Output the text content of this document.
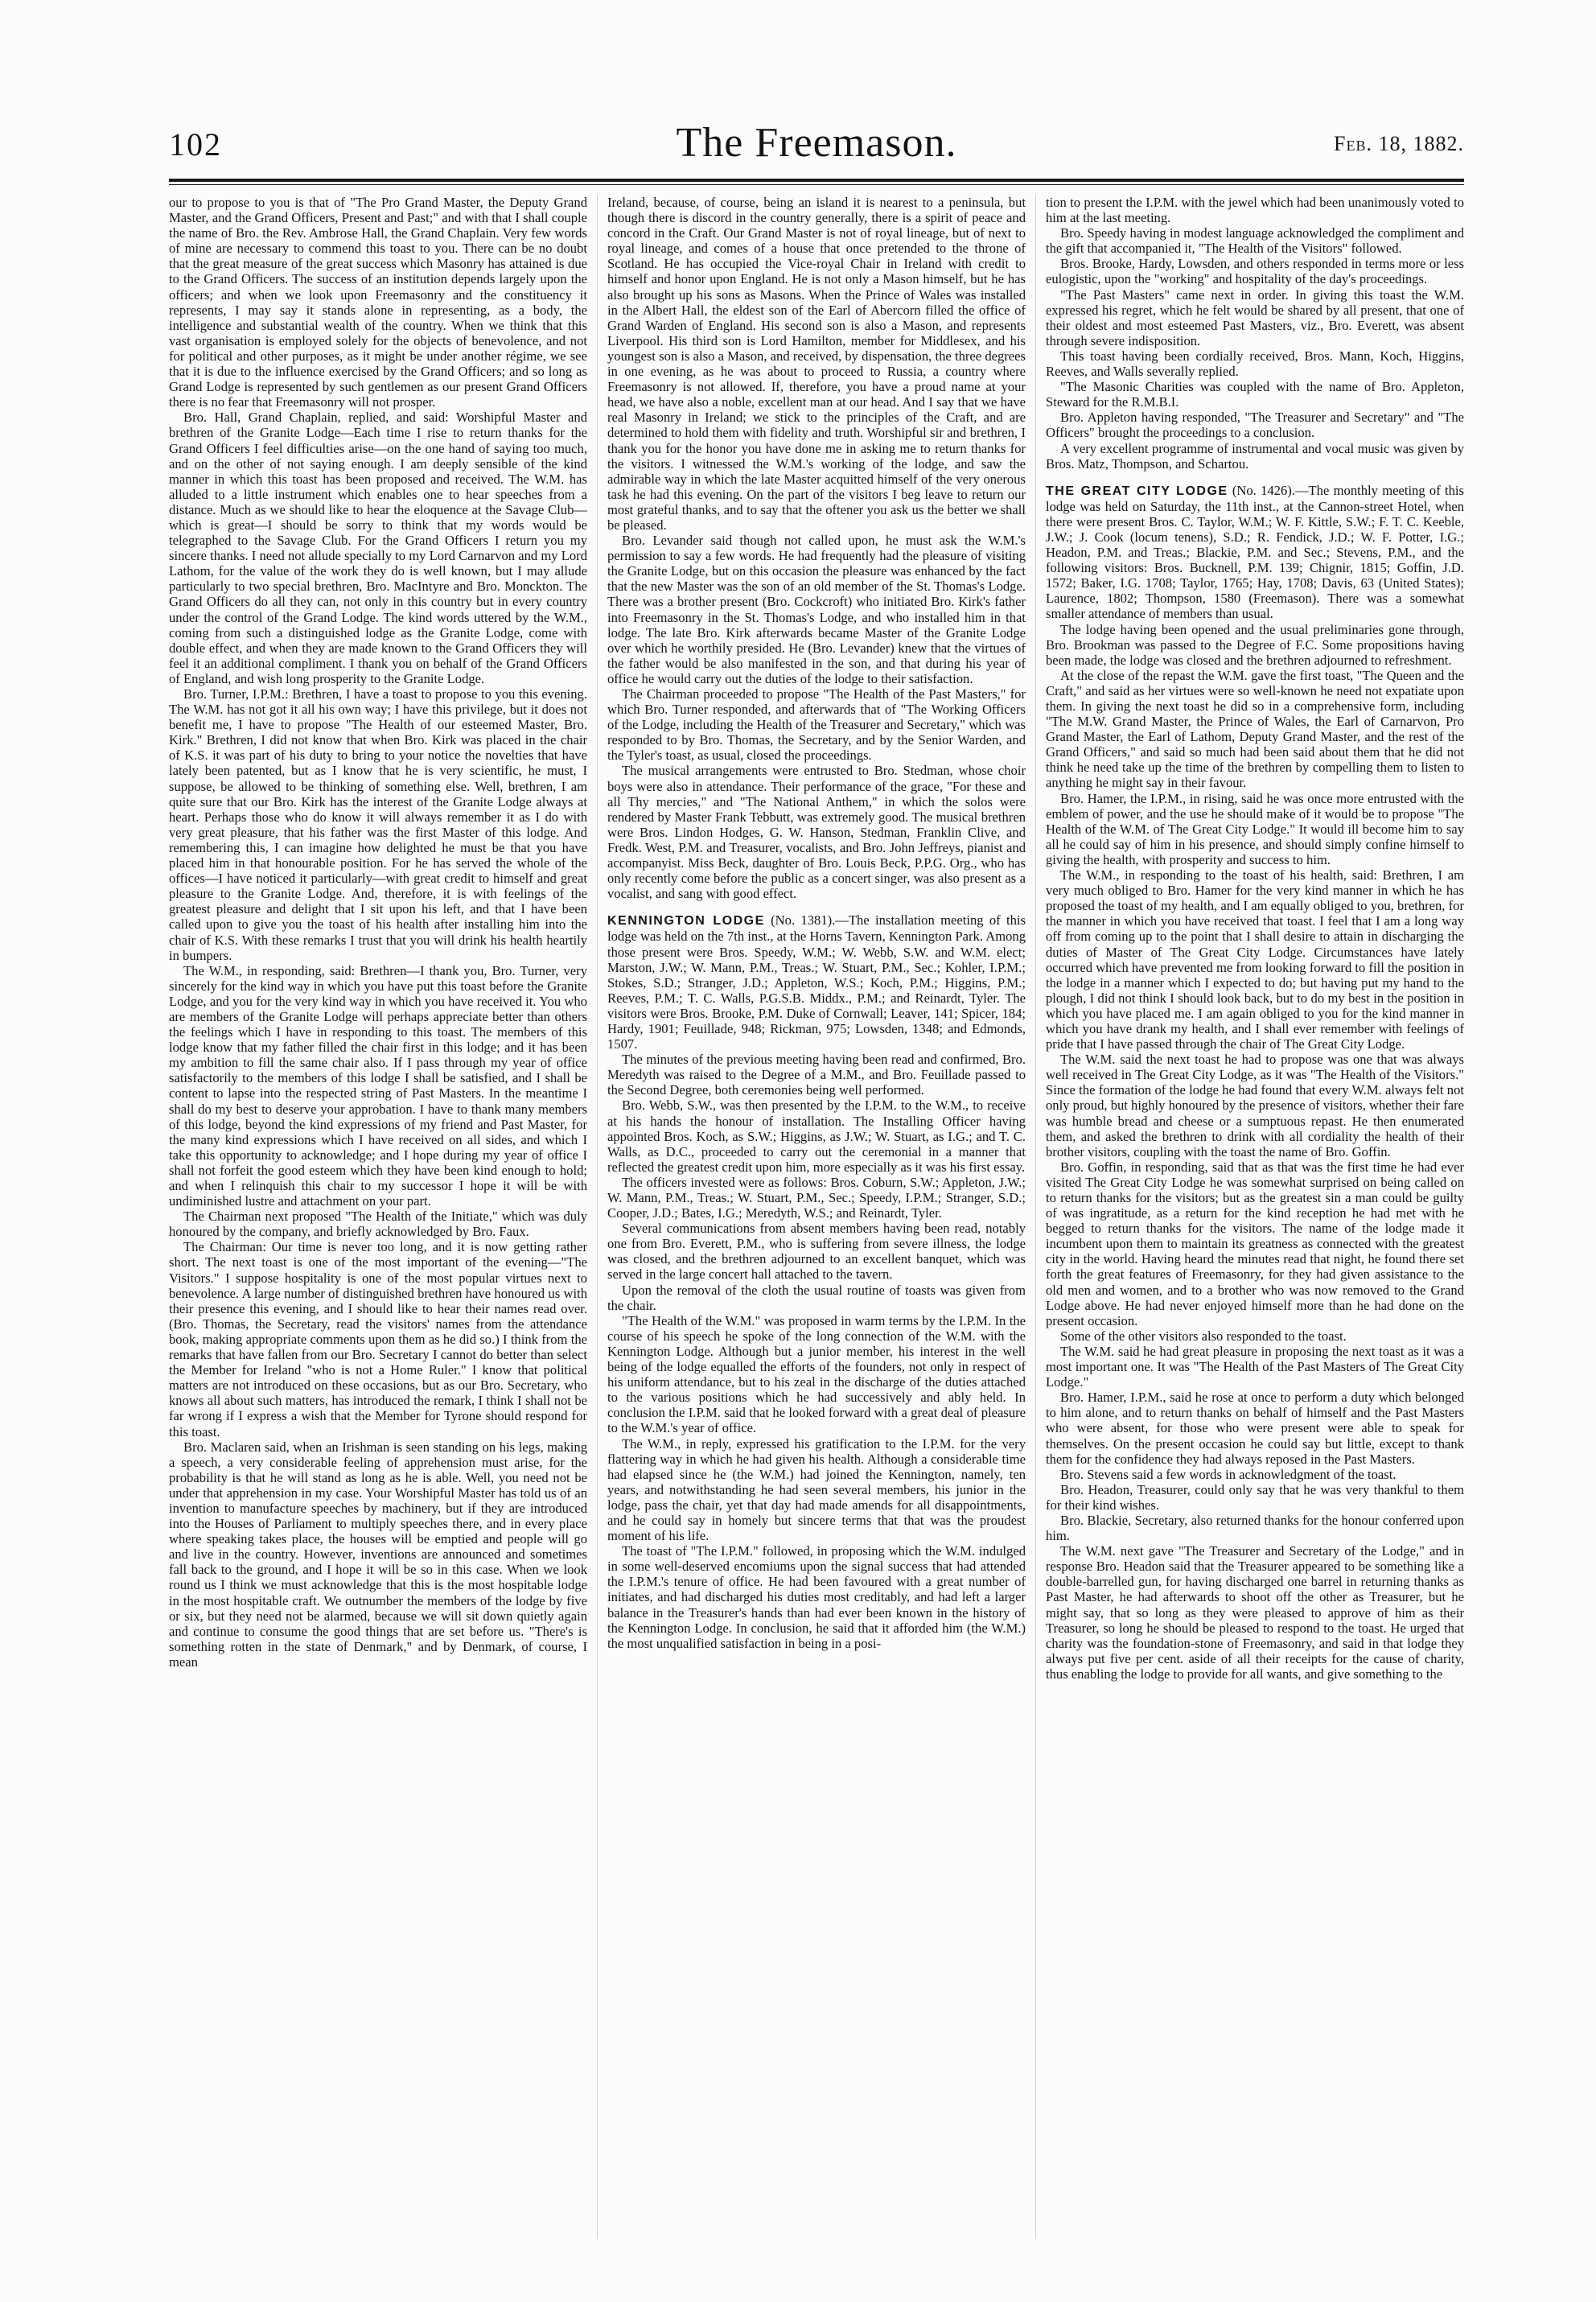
102	The Freemason.	Feb. 18, 1882.

our to propose to you is that of "The Pro Grand Master, the Deputy Grand Master, and the Grand Officers, Present and Past;" and with that I shall couple the name of Bro. the Rev. Ambrose Hall, the Grand Chaplain. Very few words of mine are necessary to commend this toast to you. There can be no doubt that the great measure of the great success which Masonry has attained is due to the Grand Officers. The success of an institution depends largely upon the officers; and when we look upon Freemasonry and the constituency it represents, I may say it stands alone in representing, as a body, the intelligence and substantial wealth of the country. When we think that this vast organisation is employed solely for the objects of benevolence, and not for political and other purposes, as it might be under another régime, we see that it is due to the influence exercised by the Grand Officers; and so long as Grand Lodge is represented by such gentlemen as our present Grand Officers there is no fear that Freemasonry will not prosper.

Bro. Hall, Grand Chaplain, replied, and said: Worshipful Master and brethren of the Granite Lodge—Each time I rise to return thanks for the Grand Officers I feel difficulties arise—on the one hand of saying too much, and on the other of not saying enough. I am deeply sensible of the kind manner in which this toast has been proposed and received. The W.M. has alluded to a little instrument which enables one to hear speeches from a distance. Much as we should like to hear the eloquence at the Savage Club—which is great—I should be sorry to think that my words would be telegraphed to the Savage Club. For the Grand Officers I return you my sincere thanks. I need not allude specially to my Lord Carnarvon and my Lord Lathom, for the value of the work they do is well known, but I may allude particularly to two special brethren, Bro. MacIntyre and Bro. Monckton. The Grand Officers do all they can, not only in this country but in every country under the control of the Grand Lodge. The kind words uttered by the W.M., coming from such a distinguished lodge as the Granite Lodge, come with double effect, and when they are made known to the Grand Officers they will feel it an additional compliment. I thank you on behalf of the Grand Officers of England, and wish long prosperity to the Granite Lodge.

Bro. Turner, I.P.M.: Brethren, I have a toast to propose to you this evening. The W.M. has not got it all his own way; I have this privilege, but it does not benefit me, I have to propose "The Health of our esteemed Master, Bro. Kirk." Brethren, I did not know that when Bro. Kirk was placed in the chair of K.S. it was part of his duty to bring to your notice the novelties that have lately been patented, but as I know that he is very scientific, he must, I suppose, be allowed to be thinking of something else. Well, brethren, I am quite sure that our Bro. Kirk has the interest of the Granite Lodge always at heart. Perhaps those who do know it will always remember it as I do with very great pleasure, that his father was the first Master of this lodge. And remembering this, I can imagine how delighted he must be that you have placed him in that honourable position. For he has served the whole of the offices—I have noticed it particularly—with great credit to himself and great pleasure to the Granite Lodge. And, therefore, it is with feelings of the greatest pleasure and delight that I sit upon his left, and that I have been called upon to give you the toast of his health after installing him into the chair of K.S. With these remarks I trust that you will drink his health heartily in bumpers.

The W.M., in responding, said: Brethren—I thank you, Bro. Turner, very sincerely for the kind way in which you have put this toast before the Granite Lodge, and you for the very kind way in which you have received it. You who are members of the Granite Lodge will perhaps appreciate better than others the feelings which I have in responding to this toast. The members of this lodge know that my father filled the chair first in this lodge; and it has been my ambition to fill the same chair also. If I pass through my year of office satisfactorily to the members of this lodge I shall be satisfied, and I shall be content to lapse into the respected string of Past Masters. In the meantime I shall do my best to deserve your approbation. I have to thank many members of this lodge, beyond the kind expressions of my friend and Past Master, for the many kind expressions which I have received on all sides, and which I take this opportunity to acknowledge; and I hope during my year of office I shall not forfeit the good esteem which they have been kind enough to hold; and when I relinquish this chair to my successor I hope it will be with undiminished lustre and attachment on your part.

The Chairman next proposed "The Health of the Initiate," which was duly honoured by the company, and briefly acknowledged by Bro. Faux.

The Chairman: Our time is never too long, and it is now getting rather short. The next toast is one of the most important of the evening—"The Visitors." I suppose hospitality is one of the most popular virtues next to benevolence. A large number of distinguished brethren have honoured us with their presence this evening, and I should like to hear their names read over. (Bro. Thomas, the Secretary, read the visitors' names from the attendance book, making appropriate comments upon them as he did so.) I think from the remarks that have fallen from our Bro. Secretary I cannot do better than select the Member for Ireland "who is not a Home Ruler." I know that political matters are not introduced on these occasions, but as our Bro. Secretary, who knows all about such matters, has introduced the remark, I think I shall not be far wrong if I express a wish that the Member for Tyrone should respond for this toast.

Bro. Maclaren said, when an Irishman is seen standing on his legs, making a speech, a very considerable feeling of apprehension must arise, for the probability is that he will stand as long as he is able. Well, you need not be under that apprehension in my case. Your Worshipful Master has told us of an invention to manufacture speeches by machinery, but if they are introduced into the Houses of Parliament to multiply speeches there, and in every place where speaking takes place, the houses will be emptied and people will go and live in the country. However, inventions are announced and sometimes fall back to the ground, and I hope it will be so in this case. When we look round us I think we must acknowledge that this is the most hospitable lodge in the most hospitable craft. We outnumber the members of the lodge by five or six, but they need not be alarmed, because we will sit down quietly again and continue to consume the good things that are set before us. "There's is something rotten in the state of Denmark," and by Denmark, of course, I mean

Ireland, because, of course, being an island it is nearest to a peninsula, but though there is discord in the country generally, there is a spirit of peace and concord in the Craft. Our Grand Master is not of royal lineage, but of next to royal lineage, and comes of a house that once pretended to the throne of Scotland. He has occupied the Vice-royal Chair in Ireland with credit to himself and honor upon England. He is not only a Mason himself, but he has also brought up his sons as Masons. When the Prince of Wales was installed in the Albert Hall, the eldest son of the Earl of Abercorn filled the office of Grand Warden of England. His second son is also a Mason, and represents Liverpool. His third son is Lord Hamilton, member for Middlesex, and his youngest son is also a Mason, and received, by dispensation, the three degrees in one evening, as he was about to proceed to Russia, a country where Freemasonry is not allowed. If, therefore, you have a proud name at your head, we have also a noble, excellent man at our head. And I say that we have real Masonry in Ireland; we stick to the principles of the Craft, and are determined to hold them with fidelity and truth. Worshipful sir and brethren, I thank you for the honor you have done me in asking me to return thanks for the visitors. I witnessed the W.M.'s working of the lodge, and saw the admirable way in which the late Master acquitted himself of the very onerous task he had this evening. On the part of the visitors I beg leave to return our most grateful thanks, and to say that the oftener you ask us the better we shall be pleased.

Bro. Levander said though not called upon, he must ask the W.M.'s permission to say a few words. He had frequently had the pleasure of visiting the Granite Lodge, but on this occasion the pleasure was enhanced by the fact that the new Master was the son of an old member of the St. Thomas's Lodge. There was a brother present (Bro. Cockcroft) who initiated Bro. Kirk's father into Freemasonry in the St. Thomas's Lodge, and who installed him in that lodge. The late Bro. Kirk afterwards became Master of the Granite Lodge over which he worthily presided. He (Bro. Levander) knew that the virtues of the father would be also manifested in the son, and that during his year of office he would carry out the duties of the lodge to their satisfaction.

The Chairman proceeded to propose "The Health of the Past Masters," for which Bro. Turner responded, and afterwards that of "The Working Officers of the Lodge, including the Health of the Treasurer and Secretary," which was responded to by Bro. Thomas, the Secretary, and by the Senior Warden, and the Tyler's toast, as usual, closed the proceedings.

The musical arrangements were entrusted to Bro. Stedman, whose choir boys were also in attendance. Their performance of the grace, "For these and all Thy mercies," and "The National Anthem," in which the solos were rendered by Master Frank Tebbutt, was extremely good. The musical brethren were Bros. Lindon Hodges, G. W. Hanson, Stedman, Franklin Clive, and Fredk. West, P.M. and Treasurer, vocalists, and Bro. John Jeffreys, pianist and accompanyist. Miss Beck, daughter of Bro. Louis Beck, P.P.G. Org., who has only recently come before the public as a concert singer, was also present as a vocalist, and sang with good effect.

KENNINGTON LODGE (No. 1381).—The installation meeting of this lodge was held on the 7th inst., at the Horns Tavern, Kennington Park. Among those present were Bros. Speedy, W.M.; W. Webb, S.W. and W.M. elect; Marston, J.W.; W. Mann, P.M., Treas.; W. Stuart, P.M., Sec.; Kohler, I.P.M.; Stokes, S.D.; Stranger, J.D.; Appleton, W.S.; Koch, P.M.; Higgins, P.M.; Reeves, P.M.; T. C. Walls, P.G.S.B. Middx., P.M.; and Reinardt, Tyler. The visitors were Bros. Brooke, P.M. Duke of Cornwall; Leaver, 141; Spicer, 184; Hardy, 1901; Feuillade, 948; Rickman, 975; Lowsden, 1348; and Edmonds, 1507.

The minutes of the previous meeting having been read and confirmed, Bro. Meredyth was raised to the Degree of a M.M., and Bro. Feuillade passed to the Second Degree, both ceremonies being well performed.

Bro. Webb, S.W., was then presented by the I.P.M. to the W.M., to receive at his hands the honour of installation. The Installing Officer having appointed Bros. Koch, as S.W.; Higgins, as J.W.; W. Stuart, as I.G.; and T. C. Walls, as D.C., proceeded to carry out the ceremonial in a manner that reflected the greatest credit upon him, more especially as it was his first essay.

The officers invested were as follows: Bros. Coburn, S.W.; Appleton, J.W.; W. Mann, P.M., Treas.; W. Stuart, P.M., Sec.; Speedy, I.P.M.; Stranger, S.D.; Cooper, J.D.; Bates, I.G.; Meredyth, W.S.; and Reinardt, Tyler.

Several communications from absent members having been read, notably one from Bro. Everett, P.M., who is suffering from severe illness, the lodge was closed, and the brethren adjourned to an excellent banquet, which was served in the large concert hall attached to the tavern.

Upon the removal of the cloth the usual routine of toasts was given from the chair.

"The Health of the W.M." was proposed in warm terms by the I.P.M. In the course of his speech he spoke of the long connection of the W.M. with the Kennington Lodge. Although but a junior member, his interest in the well being of the lodge equalled the efforts of the founders, not only in respect of his uniform attendance, but to his zeal in the discharge of the duties attached to the various positions which he had successively and ably held. In conclusion the I.P.M. said that he looked forward with a great deal of pleasure to the W.M.'s year of office.

The W.M., in reply, expressed his gratification to the I.P.M. for the very flattering way in which he had given his health. Although a considerable time had elapsed since he (the W.M.) had joined the Kennington, namely, ten years, and notwithstanding he had seen several members, his junior in the lodge, pass the chair, yet that day had made amends for all disappointments, and he could say in homely but sincere terms that that was the proudest moment of his life.

The toast of "The I.P.M." followed, in proposing which the W.M. indulged in some well-deserved encomiums upon the signal success that had attended the I.P.M.'s tenure of office. He had been favoured with a great number of initiates, and had discharged his duties most creditably, and had left a larger balance in the Treasurer's hands than had ever been known in the history of the Kennington Lodge. In conclusion, he said that it afforded him (the W.M.) the most unqualified satisfaction in being in a posi-

tion to present the I.P.M. with the jewel which had been unanimously voted to him at the last meeting.

Bro. Speedy having in modest language acknowledged the compliment and the gift that accompanied it, "The Health of the Visitors" followed.

Bros. Brooke, Hardy, Lowsden, and others responded in terms more or less eulogistic, upon the "working" and hospitality of the day's proceedings.

"The Past Masters" came next in order. In giving this toast the W.M. expressed his regret, which he felt would be shared by all present, that one of their oldest and most esteemed Past Masters, viz., Bro. Everett, was absent through severe indisposition.

This toast having been cordially received, Bros. Mann, Koch, Higgins, Reeves, and Walls severally replied.

"The Masonic Charities was coupled with the name of Bro. Appleton, Steward for the R.M.B.I.

Bro. Appleton having responded, "The Treasurer and Secretary" and "The Officers" brought the proceedings to a conclusion.

A very excellent programme of instrumental and vocal music was given by Bros. Matz, Thompson, and Schartou.

THE GREAT CITY LODGE (No. 1426).—The monthly meeting of this lodge was held on Saturday, the 11th inst., at the Cannon-street Hotel, when there were present Bros. C. Taylor, W.M.; W. F. Kittle, S.W.; F. T. C. Keeble, J.W.; J. Cook (locum tenens), S.D.; R. Fendick, J.D.; W. F. Potter, I.G.; Headon, P.M. and Treas.; Blackie, P.M. and Sec.; Stevens, P.M., and the following visitors: Bros. Bucknell, P.M. 139; Chignir, 1815; Goffin, J.D. 1572; Baker, I.G. 1708; Taylor, 1765; Hay, 1708; Davis, 63 (United States); Laurence, 1802; Thompson, 1580 (Freemason). There was a somewhat smaller attendance of members than usual.

The lodge having been opened and the usual preliminaries gone through, Bro. Brookman was passed to the Degree of F.C. Some propositions having been made, the lodge was closed and the brethren adjourned to refreshment.

At the close of the repast the W.M. gave the first toast, "The Queen and the Craft," and said as her virtues were so well-known he need not expatiate upon them. In giving the next toast he did so in a comprehensive form, including "The M.W. Grand Master, the Prince of Wales, the Earl of Carnarvon, Pro Grand Master, the Earl of Lathom, Deputy Grand Master, and the rest of the Grand Officers," and said so much had been said about them that he did not think he need take up the time of the brethren by compelling them to listen to anything he might say in their favour.

Bro. Hamer, the I.P.M., in rising, said he was once more entrusted with the emblem of power, and the use he should make of it would be to propose "The Health of the W.M. of The Great City Lodge." It would ill become him to say all he could say of him in his presence, and should simply confine himself to giving the health, with prosperity and success to him.

The W.M., in responding to the toast of his health, said: Brethren, I am very much obliged to Bro. Hamer for the very kind manner in which he has proposed the toast of my health, and I am equally obliged to you, brethren, for the manner in which you have received that toast. I feel that I am a long way off from coming up to the point that I shall desire to attain in discharging the duties of Master of The Great City Lodge. Circumstances have lately occurred which have prevented me from looking forward to fill the position in the lodge in a manner which I expected to do; but having put my hand to the plough, I did not think I should look back, but to do my best in the position in which you have placed me. I am again obliged to you for the kind manner in which you have drank my health, and I shall ever remember with feelings of pride that I have passed through the chair of The Great City Lodge.

The W.M. said the next toast he had to propose was one that was always well received in The Great City Lodge, as it was "The Health of the Visitors." Since the formation of the lodge he had found that every W.M. always felt not only proud, but highly honoured by the presence of visitors, whether their fare was humble bread and cheese or a sumptuous repast. He then enumerated them, and asked the brethren to drink with all cordiality the health of their brother visitors, coupling with the toast the name of Bro. Goffin.

Bro. Goffin, in responding, said that as that was the first time he had ever visited The Great City Lodge he was somewhat surprised on being called on to return thanks for the visitors; but as the greatest sin a man could be guilty of was ingratitude, as a return for the kind reception he had met with he begged to return thanks for the visitors. The name of the lodge made it incumbent upon them to maintain its greatness as connected with the greatest city in the world. Having heard the minutes read that night, he found there set forth the great features of Freemasonry, for they had given assistance to the old men and women, and to a brother who was now removed to the Grand Lodge above. He had never enjoyed himself more than he had done on the present occasion.

Some of the other visitors also responded to the toast.

The W.M. said he had great pleasure in proposing the next toast as it was a most important one. It was "The Health of the Past Masters of The Great City Lodge."

Bro. Hamer, I.P.M., said he rose at once to perform a duty which belonged to him alone, and to return thanks on behalf of himself and the Past Masters who were absent, for those who were present were able to speak for themselves. On the present occasion he could say but little, except to thank them for the confidence they had always reposed in the Past Masters.

Bro. Stevens said a few words in acknowledgment of the toast.

Bro. Headon, Treasurer, could only say that he was very thankful to them for their kind wishes.

Bro. Blackie, Secretary, also returned thanks for the honour conferred upon him.

The W.M. next gave "The Treasurer and Secretary of the Lodge," and in response Bro. Headon said that the Treasurer appeared to be something like a double-barrelled gun, for having discharged one barrel in returning thanks as Past Master, he had afterwards to shoot off the other as Treasurer, but he might say, that so long as they were pleased to approve of him as their Treasurer, so long he should be pleased to respond to the toast. He urged that charity was the foundation-stone of Freemasonry, and said in that lodge they always put five per cent. aside of all their receipts for the cause of charity, thus enabling the lodge to provide for all wants, and give something to the
